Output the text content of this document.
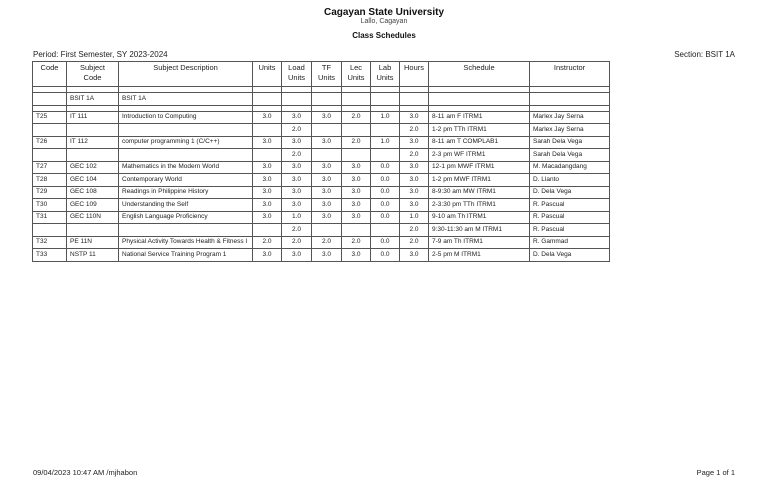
Cagayan State University
Lallo, Cagayan
Class Schedules
Period: First Semester, SY 2023-2024	Section: BSIT 1A
Code	Subject Code	Subject Description	Units	Load Units	TF Units	Lec Units	Lab Units	Hours	Schedule	Instructor

	BSIT 1A	BSIT 1A								

T25	IT 111	Introduction to Computing	3.0	3.0	3.0	2.0	1.0	3.0	8-11 am F ITRM1	Marlex Jay Serna
				2.0				2.0	1-2 pm TTh ITRM1	Marlex Jay Serna
T26	IT 112	computer programming 1 (C/C++)	3.0	3.0	3.0	2.0	1.0	3.0	8-11 am T COMPLAB1	Sarah Dela Vega
				2.0				2.0	2-3 pm WF ITRM1	Sarah Dela Vega
T27	GEC 102	Mathematics in the Modern World	3.0	3.0	3.0	3.0	0.0	3.0	12-1 pm MWF ITRM1	M. Macadangdang
T28	GEC 104	Contemporary World	3.0	3.0	3.0	3.0	0.0	3.0	1-2 pm MWF ITRM1	D. Llanto
T29	GEC 108	Readings in Philippine History	3.0	3.0	3.0	3.0	0.0	3.0	8-9:30 am MW ITRM1	D. Dela Vega
T30	GEC 109	Understanding the Self	3.0	3.0	3.0	3.0	0.0	3.0	2-3:30 pm TTh ITRM1	R. Pascual
T31	GEC 110N	English Language Proficiency	3.0	1.0	3.0	3.0	0.0	1.0	9-10 am Th ITRM1	R. Pascual
				2.0				2.0	9:30-11:30 am M ITRM1	R. Pascual
T32	PE 11N	Physical Activity Towards Health & Fitness I	2.0	2.0	2.0	2.0	0.0	2.0	7-9 am Th ITRM1	R. Gammad
T33	NSTP 11	National Service Training Program 1	3.0	3.0	3.0	3.0	0.0	3.0	2-5 pm M ITRM1	D. Dela Vega
09/04/2023 10:47 AM /mjhabon	Page 1 of 1
